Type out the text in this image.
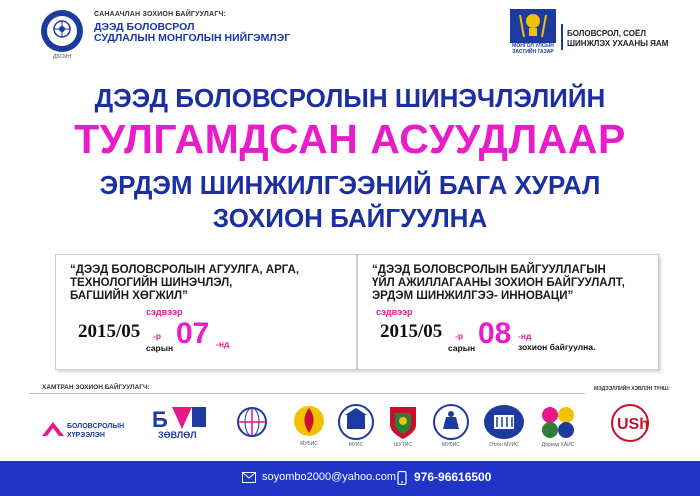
САНААЧЛАН ЗОХИОН БАЙГУУЛАГЧ:
ДЭЭД БОЛОВСРОЛ
СУДЛАЛЫН МОНГОЛЫН НИЙГЭМЛЭГ
ДБСМН
МОНГОЛ УЛСЫН
ЗАСГИЙН ГАЗАР
БОЛОВСРОЛ, СОЁЛ
ШИНЖЛЭХ УХААНЫ ЯАМ
ДЭЭД БОЛОВСРОЛЫН ШИНЭЧЛЭЛИЙН
ТУЛГАМДСАН АСУУДЛААР
ЭРДЭМ ШИНЖИЛГЭЭНИЙ БАГА ХУРАЛ
ЗОХИОН БАЙГУУЛНА
“ДЭЭД БОЛОВСРОЛЫН АГУУЛГА, АРГА,
ТЕХНОЛОГИЙН ШИНЭЧЛЭЛ,
БАГШИЙН ХӨГЖИЛ”
сэдвээр
2015/05 -р
сарын 07 -нд
“ДЭЭД БОЛОВСРОЛЫН БАЙГУУЛЛАГЫН
ҮЙЛ АЖИЛЛАГААНЫ ЗОХИОН БАЙГУУЛАЛТ,
ЭРДЭМ ШИНЖИЛГЭЭ- ИННОВАЦИ”
сэдвээр
2015/05 -р
сарын 08 -нд
зохион байгуулна.
ХАМТРАН ЗОХИОН БАЙГУУЛАГЧ:	МЭДЭЭЛЛИЙН ХЭВЛЭН ТҮНШ:
БОЛОВСРОЛЫН
ХҮРЭЭЛЭН
Б
ЗӨВЛӨЛ
МУБИС	МУИС	ШУТИС	МУБИС	Отгон МУИС	Дорнод ХАИС
USh
soyombo2000@yahoo.com 976-96616500
